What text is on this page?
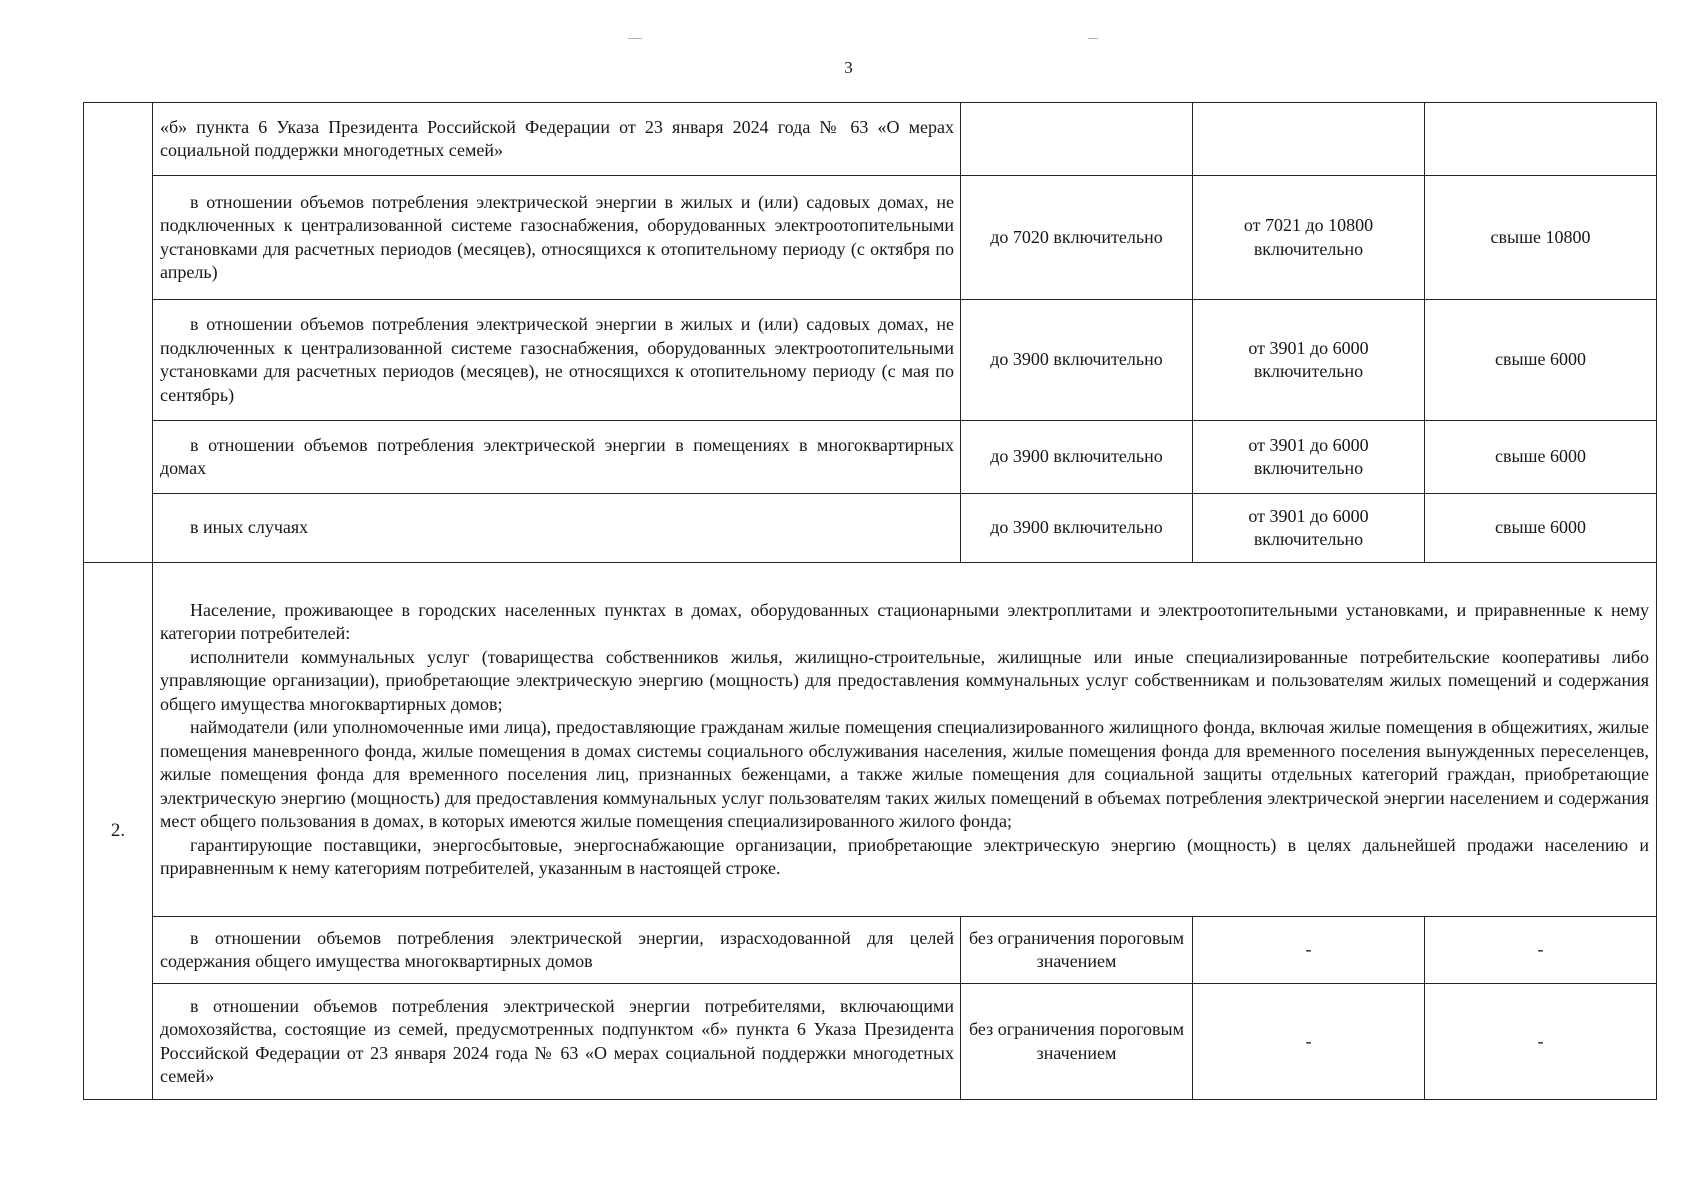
3

	«б» пункта 6 Указа Президента Российской Федерации от 23 января 2024 года № 63 «О мерах социальной поддержки многодетных семей»			

	в отношении объемов потребления электрической энергии в жилых и (или) садовых домах, не подключенных к централизованной системе газоснабжения, оборудованных электроотопительными установками для расчетных периодов (месяцев), относящихся к отопительному периоду (с октября по апрель)	до 7020 включительно	от 7021 до 10800 включительно	свыше 10800

	в отношении объемов потребления электрической энергии в жилых и (или) садовых домах, не подключенных к централизованной системе газоснабжения, оборудованных электроотопительными установками для расчетных периодов (месяцев), не относящихся к отопительному периоду (с мая по сентябрь)	до 3900 включительно	от 3901 до 6000 включительно	свыше 6000

	в отношении объемов потребления электрической энергии в помещениях в многоквартирных домах	до 3900 включительно	от 3901 до 6000 включительно	свыше 6000

	в иных случаях	до 3900 включительно	от 3901 до 6000 включительно	свыше 6000
2.	Население, проживающее в городских населенных пунктах в домах, оборудованных стационарными электроплитами и электроотопительными установками, и приравненные к нему категории потребителей:

исполнители коммунальных услуг (товарищества собственников жилья, жилищно-строительные, жилищные или иные специализированные потребительские кооперативы либо управляющие организации), приобретающие электрическую энергию (мощность) для предоставления коммунальных услуг собственникам и пользователям жилых помещений и содержания общего имущества многоквартирных домов;

наймодатели (или уполномоченные ими лица), предоставляющие гражданам жилые помещения специализированного жилищного фонда, включая жилые помещения в общежитиях, жилые помещения маневренного фонда, жилые помещения в домах системы социального обслуживания населения, жилые помещения фонда для временного поселения вынужденных переселенцев, жилые помещения фонда для временного поселения лиц, признанных беженцами, а также жилые помещения для социальной защиты отдельных категорий граждан, приобретающие электрическую энергию (мощность) для предоставления коммунальных услуг пользователям таких жилых помещений в объемах потребления электрической энергии населением и содержания мест общего пользования в домах, в которых имеются жилые помещения специализированного жилого фонда;

гарантирующие поставщики, энергосбытовые, энергоснабжающие организации, приобретающие электрическую энергию (мощность) в целях дальнейшей продажи населению и приравненным к нему категориям потребителей, указанным в настоящей строке.			

	в отношении объемов потребления электрической энергии, израсходованной для целей содержания общего имущества многоквартирных домов	без ограничения пороговым значением	-	-

	в отношении объемов потребления электрической энергии потребителями, включающими домохозяйства, состоящие из семей, предусмотренных подпунктом «б» пункта 6 Указа Президента Российской Федерации от 23 января 2024 года № 63 «О мерах социальной поддержки многодетных семей»	без ограничения пороговым значением	-	-
